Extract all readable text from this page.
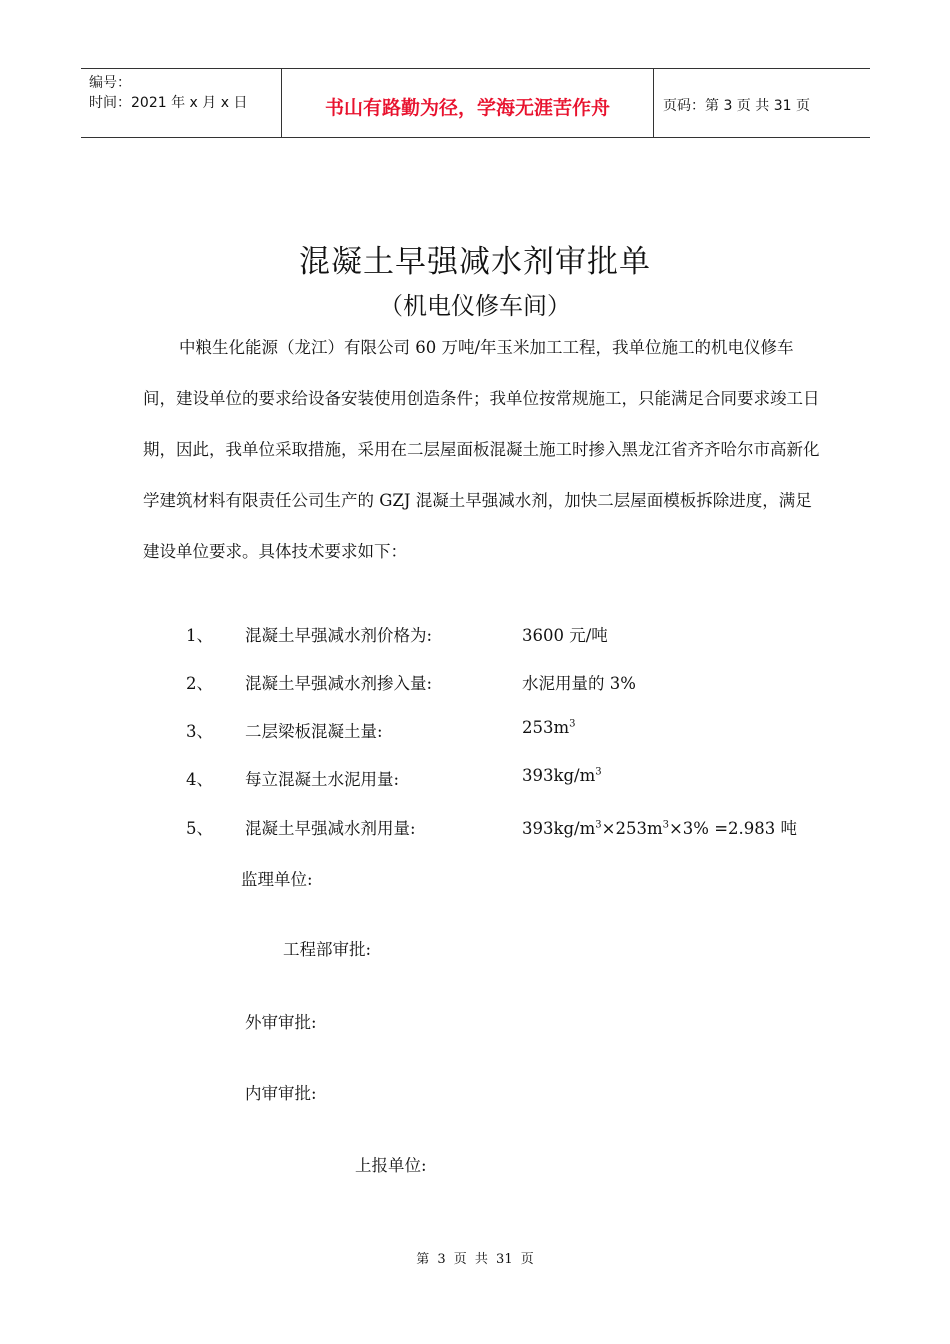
编号：
时间：2021 年 x 月 x 日	书山有路勤为径，学海无涯苦作舟	页码：第 3 页 共 31 页
混凝土早强减水剂审批单
（机电仪修车间）

中粮生化能源（龙江）有限公司 60 万吨/年玉米加工工程，我单位施工的机电仪修车间，建设单位的要求给设备安装使用创造条件；我单位按常规施工，只能满足合同要求竣工日期，因此，我单位采取措施，采用在二层屋面板混凝土施工时掺入黑龙江省齐齐哈尔市高新化学建筑材料有限责任公司生产的 GZJ 混凝土早强减水剂，加快二层屋面模板拆除进度，满足建设单位要求。具体技术要求如下：

1、 混凝土早强减水剂价格为:	3600 元/吨
2、 混凝土早强减水剂掺入量:	水泥用量的 3%
3、 二层梁板混凝土量:	$253m^3$
4、 每立混凝土水泥用量:	$393kg/m^3$
5、 混凝土早强减水剂用量:	$393kg/m^3\times 253m^3\times 3\% =2.983$ 吨
监理单位:
工程部审批:
外审审批:
内审审批:
上报单位:
第 3 页 共 31 页
